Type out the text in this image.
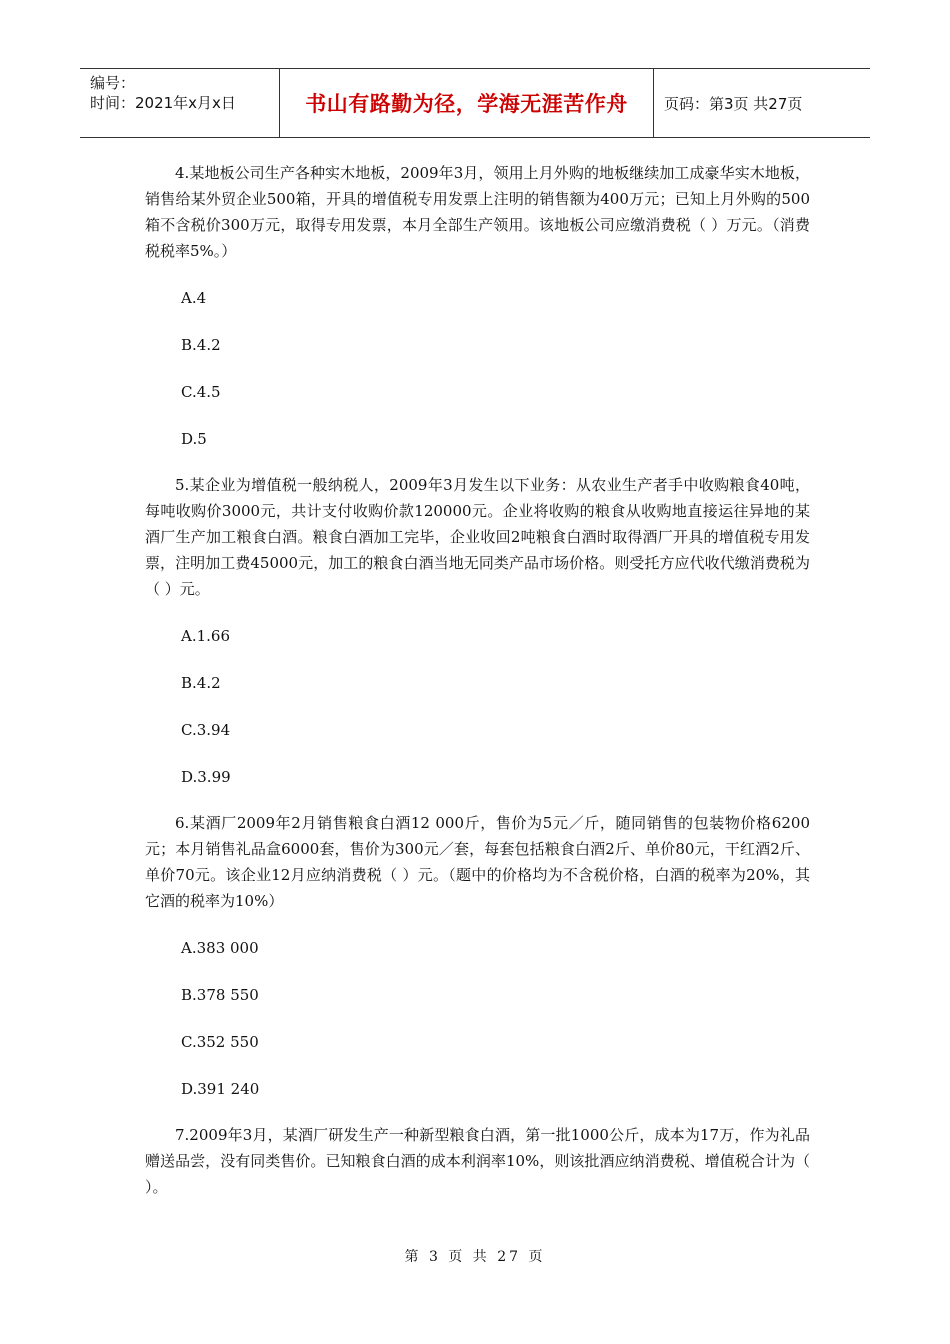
编号：
时间：2021年x月x日	书山有路勤为径，学海无涯苦作舟	页码：第3页 共27页

4.某地板公司生产各种实木地板，2009年3月，领用上月外购的地板继续加工成豪华实木地板，销售给某外贸企业500箱，开具的增值税专用发票上注明的销售额为400万元；已知上月外购的500箱不含税价300万元，取得专用发票，本月全部生产领用。该地板公司应缴消费税（ ）万元。（消费税税率5%。）

A.4
B.4.2
C.4.5
D.5

5.某企业为增值税一般纳税人，2009年3月发生以下业务：从农业生产者手中收购粮食40吨，每吨收购价3000元，共计支付收购价款120000元。企业将收购的粮食从收购地直接运往异地的某酒厂生产加工粮食白酒。粮食白酒加工完毕，企业收回2吨粮食白酒时取得酒厂开具的增值税专用发票，注明加工费45000元，加工的粮食白酒当地无同类产品市场价格。则受托方应代收代缴消费税为（ ）元。

A.1.66
B.4.2
C.3.94
D.3.99

6.某酒厂2009年2月销售粮食白酒12 000斤，售价为5元／斤，随同销售的包装物价格6200元；本月销售礼品盒6000套，售价为300元／套，每套包括粮食白酒2斤、单价80元，干红酒2斤、单价70元。该企业12月应纳消费税（ ）元。（题中的价格均为不含税价格，白酒的税率为20%，其它酒的税率为10%）

A.383 000
B.378 550
C.352 550
D.391 240

7.2009年3月，某酒厂研发生产一种新型粮食白酒，第一批1000公斤，成本为17万，作为礼品赠送品尝，没有同类售价。已知粮食白酒的成本利润率10%，则该批酒应纳消费税、增值税合计为（ ）。

第 3 页 共 27 页
